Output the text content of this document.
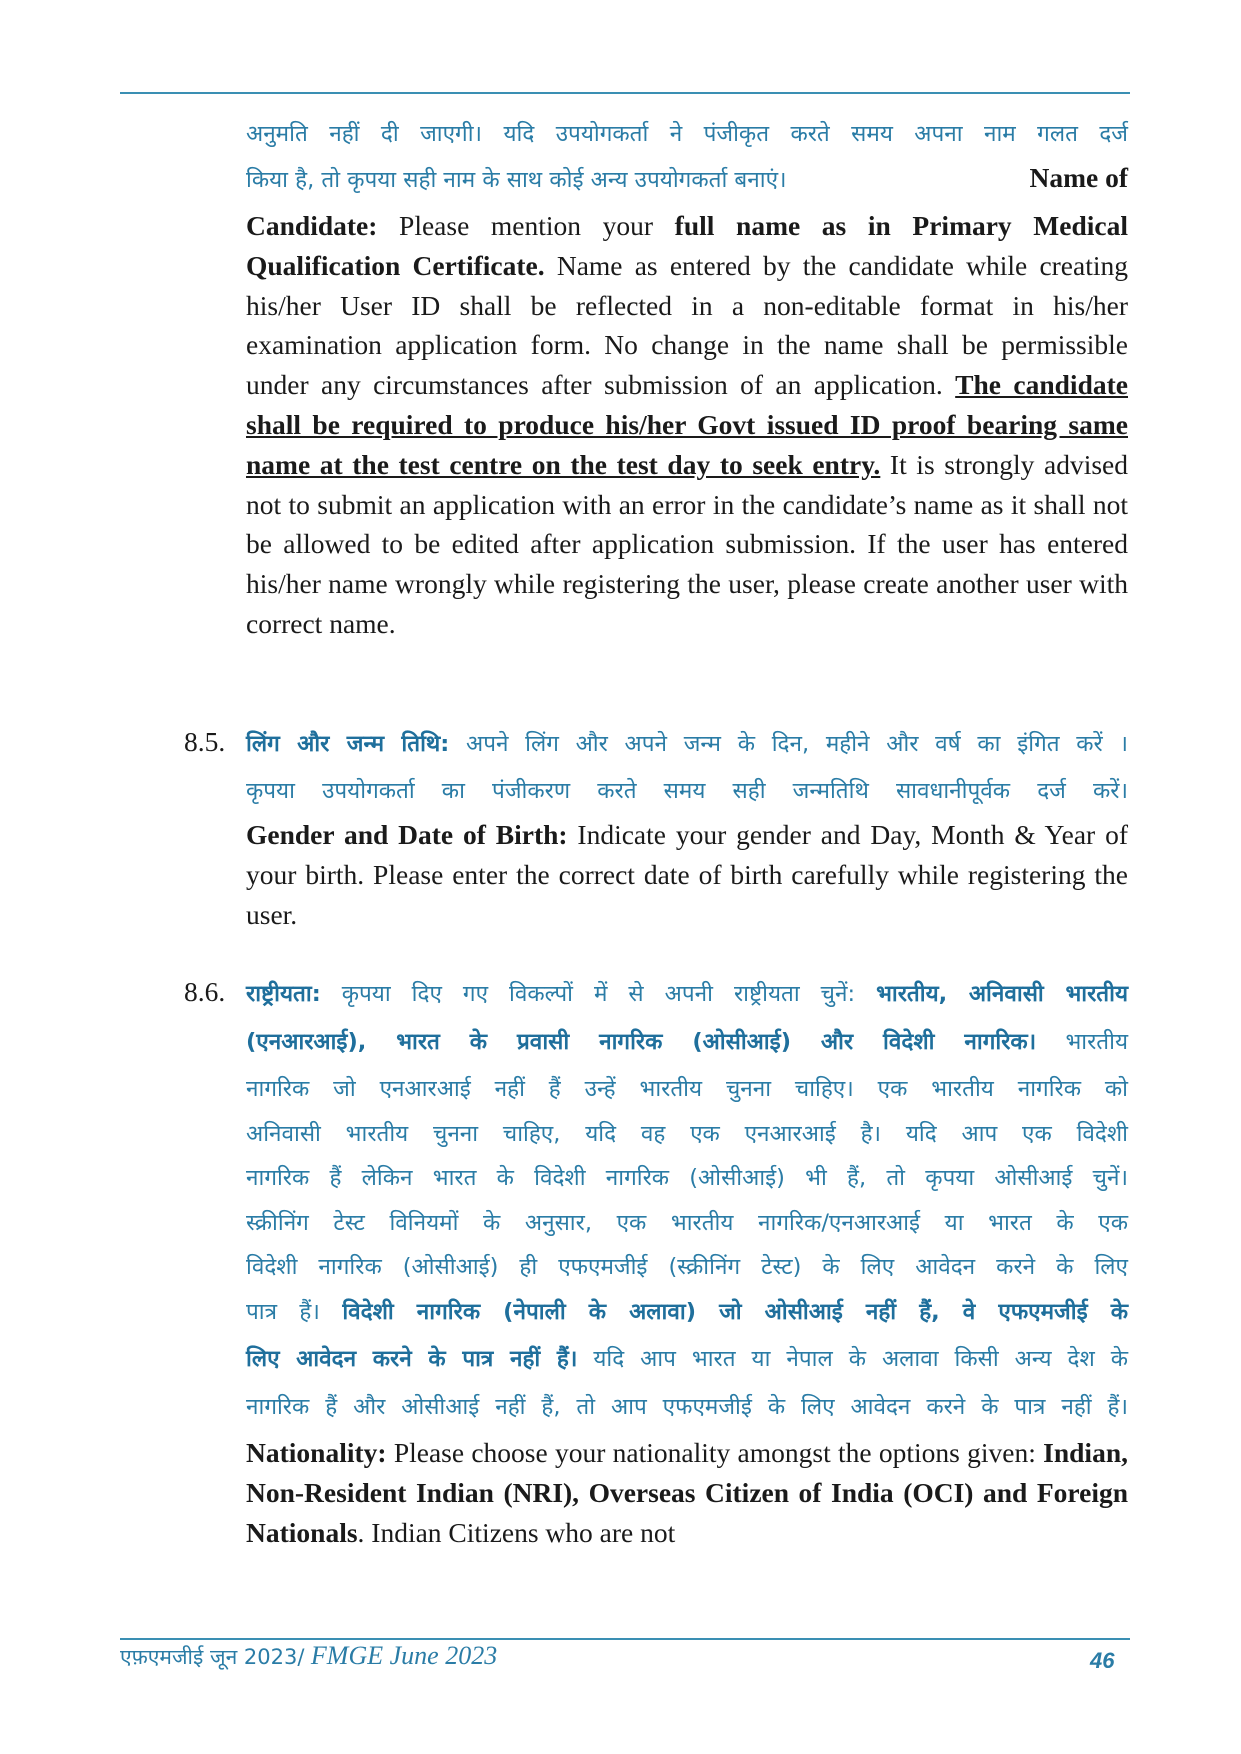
अनुमति नहीं दी जाएगी। यदि उपयोगकर्ता ने पंजीकृत करते समय अपना नाम गलत दर्ज
किया है, तो कृपया सही नाम के साथ कोई अन्य उपयोगकर्ता बनाएं।	Name of

Candidate: Please mention your full name as in Primary Medical Qualification Certificate. Name as entered by the candidate while creating his/her User ID shall be reflected in a non-editable format in his/her examination application form. No change in the name shall be permissible under any circumstances after submission of an application. The candidate shall be required to produce his/her Govt issued ID proof bearing same name at the test centre on the test day to seek entry. It is strongly advised not to submit an application with an error in the candidate’s name as it shall not be allowed to be edited after application submission. If the user has entered his/her name wrongly while registering the user, please create another user with correct name.

8.5. लिंग और जन्म तिथि: अपने लिंग और अपने जन्म के दिन, महीने और वर्ष का इंगित करें ।
कृपया उपयोगकर्ता का पंजीकरण करते समय सही जन्मतिथि सावधानीपूर्वक दर्ज करें।

Gender and Date of Birth: Indicate your gender and Day, Month & Year of your birth. Please enter the correct date of birth carefully while registering the user.

8.6. राष्ट्रीयता: कृपया दिए गए विकल्पों में से अपनी राष्ट्रीयता चुनें: भारतीय, अनिवासी भारतीय
(एनआरआई), भारत के प्रवासी नागरिक (ओसीआई) और विदेशी नागरिक। भारतीय
नागरिक जो एनआरआई नहीं हैं उन्हें भारतीय चुनना चाहिए। एक भारतीय नागरिक को
अनिवासी भारतीय चुनना चाहिए, यदि वह एक एनआरआई है। यदि आप एक विदेशी
नागरिक हैं लेकिन भारत के विदेशी नागरिक (ओसीआई) भी हैं, तो कृपया ओसीआई चुनें।
स्क्रीनिंग टेस्ट विनियमों के अनुसार, एक भारतीय नागरिक/एनआरआई या भारत के एक
विदेशी नागरिक (ओसीआई) ही एफएमजीई (स्क्रीनिंग टेस्ट) के लिए आवेदन करने के लिए
पात्र हैं। विदेशी नागरिक (नेपाली के अलावा) जो ओसीआई नहीं हैं, वे एफएमजीई के
लिए आवेदन करने के पात्र नहीं हैं। यदि आप भारत या नेपाल के अलावा किसी अन्य देश के
नागरिक हैं और ओसीआई नहीं हैं, तो आप एफएमजीई के लिए आवेदन करने के पात्र नहीं हैं।

Nationality: Please choose your nationality amongst the options given: Indian, Non-Resident Indian (NRI), Overseas Citizen of India (OCI) and Foreign Nationals. Indian Citizens who are not

एफ़एमजीई जून 2023/ FMGE June 2023	46
